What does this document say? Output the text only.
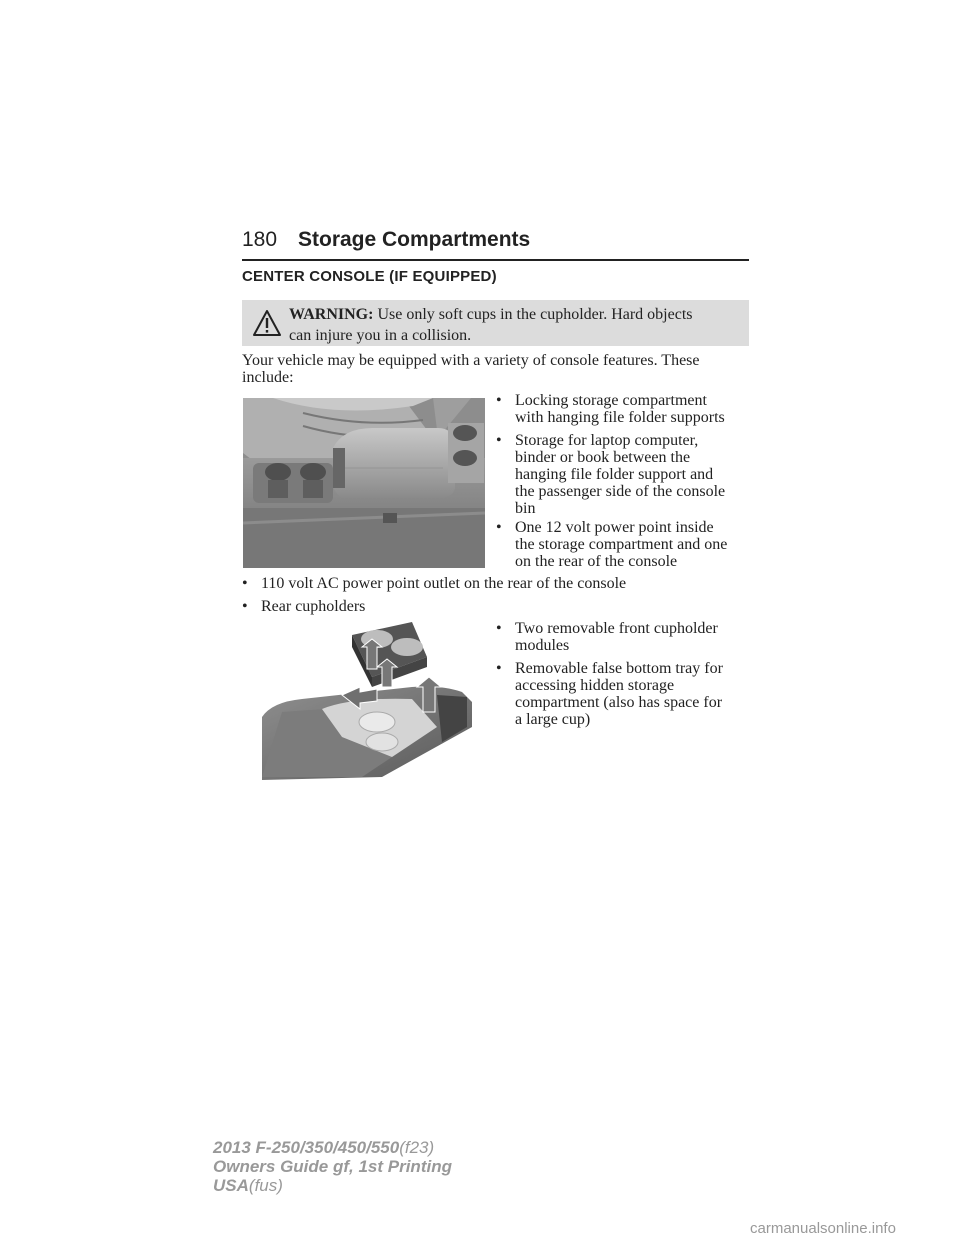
180 Storage Compartments
CENTER CONSOLE (IF EQUIPPED)
WARNING: Use only soft cups in the cupholder. Hard objects
can injure you in a collision.
Your vehicle may be equipped with a variety of console features. These
include:
• Locking storage compartment
with hanging file folder supports
• Storage for laptop computer,
binder or book between the
hanging file folder support and
the passenger side of the console
bin
• One 12 volt power point inside
the storage compartment and one
on the rear of the console
• 110 volt AC power point outlet on the rear of the console
• Rear cupholders
• Two removable front cupholder
modules
• Removable false bottom tray for
accessing hidden storage
compartment (also has space for
a large cup)
2013 F-250/350/450/550(f23)
Owners Guide gf, 1st Printing
USA(fus)
carmanualsonline.info
